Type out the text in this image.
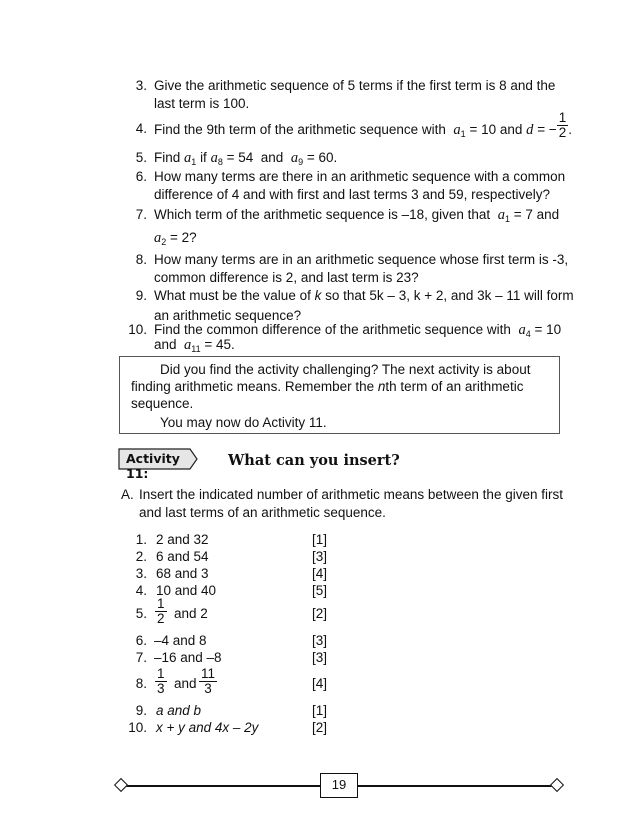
3. Give the arithmetic sequence of 5 terms if the first term is 8 and the
last term is 100.
4. Find the 9th term of the arithmetic sequence with $a_1 = 10$ and d = − $\frac{1}{2}$ .
5. Find $a_1$ if $a_8 = 54$ and $a_9 = 60$.
6. How many terms are there in an arithmetic sequence with a common
difference of 4 and with first and last terms 3 and 59, respectively?
7. Which term of the arithmetic sequence is –18, given that $a_1 = 7$ and
$a_2 = 2$?
8. How many terms are in an arithmetic sequence whose first term is -3,
common difference is 2, and last term is 23?
9. What must be the value of k so that 5k – 3, k + 2, and 3k – 11 will form
an arithmetic sequence?
10. Find the common difference of the arithmetic sequence with $a_4 = 10$
and $a_{11} = 45$.
Did you find the activity challenging? The next activity is about
finding arithmetic means. Remember the nth term of an arithmetic
sequence.
You may now do Activity 11.
Activity 11:
What can you insert?
A. Insert the indicated number of arithmetic means between the given first
and last terms of an arithmetic sequence.
1. 2 and 32	[1]
2. 6 and 54	[3]
3. 68 and 3	[4]
4. 10 and 40	[5]
5. $\frac{1}{2}$ and 2	[2]
6. –4 and 8	[3]
7. –16 and –8	[3]
8. $\frac{1}{3}$ and $\frac{11}{3}$	[4]
9. a and b	[1]
10. x + y and 4x – 2y	[2]
19
